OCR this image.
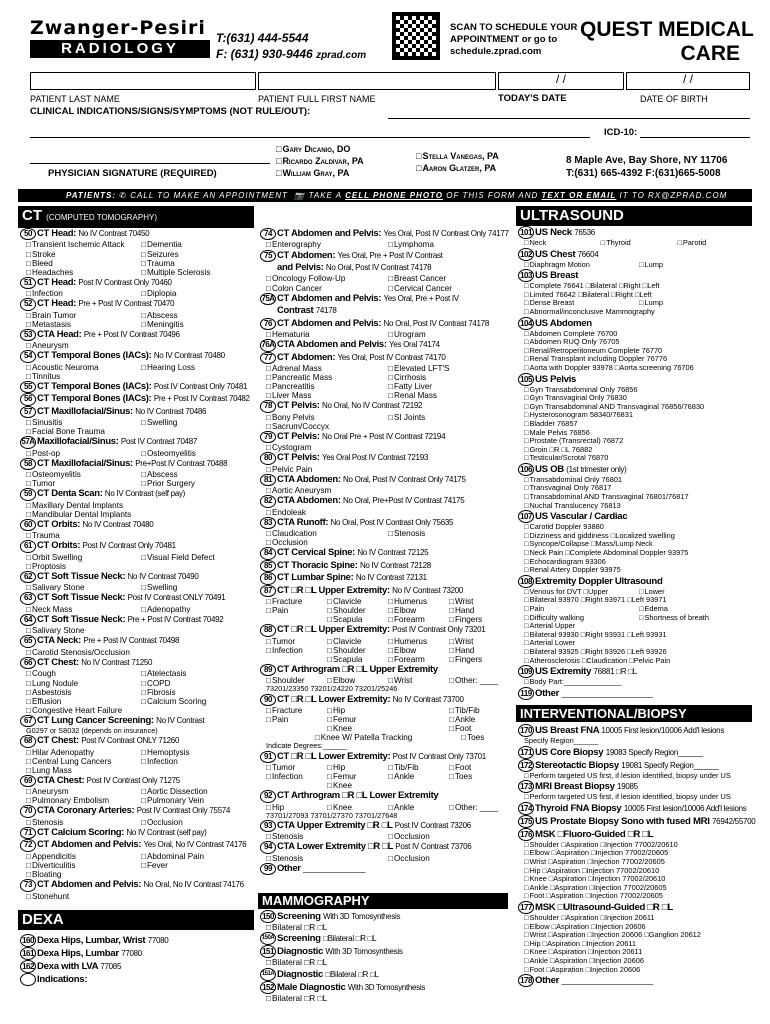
Zwanger-Pesiri
RADIOLOGY
T:(631) 444-5544
F: (631) 930-9446 zprad.com
SCAN TO SCHEDULE YOUR
APPOINTMENT or go to
schedule.zprad.com
QUEST MEDICAL
CARE
/ /	/ /
PATIENT LAST NAME	PATIENT FULL FIRST NAME	TODAY'S DATE	DATE OF BIRTH
CLINICAL INDICATIONS/SIGNS/SYMPTOMS (NOT RULE/OUT):
ICD-10:
PHYSICIAN SIGNATURE (REQUIRED)
□ Gary Dicanio, DO
□ Ricardo Zaldivar, PA
□ William Gray, PA
□ Stella Vanegas, PA
□ Aaron Glatzer, PA
8 Maple Ave, Bay Shore, NY 11706
T:(631) 665-4392 F:(631)665-5008
PATIENTS: ✆ CALL TO MAKE AN APPOINTMENT 📷 TAKE A CELL PHONE PHOTO OF THIS FORM AND TEXT OR EMAIL IT TO RX@ZPRAD.COM
CT (COMPUTED TOMOGRAPHY)	ULTRASOUND
DEXA
MAMMOGRAPHY
INTERVENTIONAL/BIOPSY
50 CT Head: No IV Contrast 70450
□ Transient Ischemic Attack	□ Dementia
□ Stroke	□ Seizures
□ Bleed	□ Trauma
□ Headaches	□ Multiple Sclerosis
51 CT Head: Post IV Contrast Only 70460
□ Infection	□ Diplopia
52 CT Head: Pre + Post IV Contrast 70470
□ Brain Tumor	□ Abscess
□ Metastasis	□ Meningitis
53 CTA Head: Pre + Post IV Contrast 70496
□ Aneurysm
54 CT Temporal Bones (IACs): No IV Contrast 70480
□ Acoustic Neuroma	□ Hearing Loss
□ Tinnitus
55 CT Temporal Bones (IACs): Post IV Contrast Only 70481
56 CT Temporal Bones (IACs): Pre + Post IV Contrast 70482
57 CT Maxillofacial/Sinus: No IV Contrast 70486
□ Sinusitis	□ Swelling
□ Facial Bone Trauma
57A Maxillofacial/Sinus: Post IV Contrast 70487
□ Post-op	□ Osteomyelitis
58 CT Maxillofacial/Sinus: Pre+Post IV Contrast 70488
□ Osteomyelitis	□ Abscess
□ Tumor	□ Prior Surgery
59 CT Denta Scan: No IV Contrast (self pay)
□ Maxillary Dental Implants
□ Mandibular Dental Implants
60 CT Orbits: No IV Contrast 70480
□ Trauma
61 CT Orbits: Post IV Contrast Only 70481
□ Orbit Swelling	□ Visual Field Defect
□ Proptosis
62 CT Soft Tissue Neck: No IV Contrast 70490
□ Salivary Stone	□ Swelling
63 CT Soft Tissue Neck: Post IV Contrast ONLY 70491
□ Neck Mass	□ Adenopathy
64 CT Soft Tissue Neck: Pre + Post IV Contrast 70492
□ Salivary Stone
65 CTA Neck: Pre + Post IV Contrast 70498
□ Carotid Stenosis/Occlusion
66 CT Chest: No IV Contrast 71250
□ Cough	□ Atelectasis
□ Lung Nodule	□ COPD
□ Asbestosis	□ Fibrosis
□ Effusion	□ Calcium Scoring
□ Congestive Heart Failure
67 CT Lung Cancer Screening: No IV Contrast
G0297 or S8032 (depends on insurance)
68 CT Chest: Post IV Contrast ONLY 71260
□ Hilar Adenopathy	□ Hemoptysis
□ Central Lung Cancers	□ Infection
□ Lung Mass
69 CTA Chest: Post IV Contrast Only 71275
□ Aneurysm	□ Aortic Dissection
□ Pulmonary Embolism	□ Pulmonary Vein
70 CTA Coronary Arteries: Post IV Contrast Only 75574
□ Stenosis	□ Occlusion
71 CT Calcium Scoring: No IV Contrast (self pay)
72 CT Abdomen and Pelvis: Yes Oral, No IV Contrast 74176
□ Appendicitis	□ Abdominal Pain
□ Diverticulitis	□ Fever
□ Bloating
73 CT Abdomen and Pelvis: No Oral, No IV Contrast 74176
□ Stonehunt
74 CT Abdomen and Pelvis: Yes Oral, Post IV Contrast Only 74177
□ Enterography	□ Lymphoma
75 CT Abdomen: Yes Oral, Pre + Post IV Contrast
and Pelvis: No Oral, Post IV Contrast 74178
□ Oncology Follow-Up	□ Breast Cancer
□ Colon Cancer	□ Cervical Cancer
75A CT Abdomen and Pelvis: Yes Oral, Pre + Post IV
Contrast 74178
76 CT Abdomen and Pelvis: No Oral, Post IV Contrast 74178
□ Hematuria	□ Urogram
76A CTA Abdomen and Pelvis: Yes Oral 74174
77 CT Abdomen: Yes Oral, Post IV Contrast 74170
□ Adrenal Mass	□ Elevated LFT'S
□ Pancreatic Mass	□ Cirrhosis
□ Pancreatitis	□ Fatty Liver
□ Liver Mass	□ Renal Mass
78 CT Pelvis: No Oral, No IV Contrast 72192
□ Bony Pelvis	□ SI Joints
□ Sacrum/Coccyx
79 CT Pelvis: No Oral Pre + Post IV Contrast 72194
□ Cystogram
80 CT Pelvis: Yes Oral Post IV Contrast 72193
□ Pelvic Pain
81 CTA Abdomen: No Oral, Post IV Contrast Only 74175
□ Aortic Aneurysm
82 CTA Abdomen: No Oral, Pre+Post IV Contrast 74175
□ Endoleak
83 CTA Runoff: No Oral, Post IV Contrast Only 75635
□ Claudication	□ Stenosis
□ Occlusion
84 CT Cervical Spine: No IV Contrast 72125
85 CT Thoracic Spine: No IV Contrast 72128
86 CT Lumbar Spine: No IV Contrast 72131
87 CT □R □L Upper Extremity: No IV Contrast 73200
□ Fracture	□ Clavicle	□ Humerus	□ Wrist
□ Pain	□ Shoulder	□ Elbow	□ Hand
□ Scapula	□ Forearm	□ Fingers
88 CT □R □L Upper Extremity: Post IV Contrast Only 73201
□ Tumor	□ Clavicle	□ Humerus	□ Wrist
□ Infection	□ Shoulder	□ Elbow	□ Hand
□ Scapula	□ Forearm	□ Fingers
89 CT Arthrogram □R □L Upper Extremity
□ Shoulder	□ Elbow	□ Wrist	□ Other: ____
73201/23350 73201/24220 73201/25246
90 CT □R □L Lower Extremity: No IV Contrast 73700
□ Fracture	□ Hip	□ Tib/Fib
□ Pain	□ Femur	□ Ankle
□ Knee	□ Foot
□ Knee W/ Patella Tracking	□ Toes
Indicate Degrees:______
91 CT □R □L Lower Extremity: Post IV Contrast Only 73701
□ Tumor	□ Hip	□ Tib/Fib	□ Foot
□ Infection	□ Femur	□ Ankle	□ Toes
□ Knee
92 CT Arthrogram □R □L Lower Extremity
□ Hip	□ Knee	□ Ankle	□ Other: ____
73701/27093 73701/27370 73701/27648
93 CTA Upper Extremity □R □L Post IV Contrast 73206
□ Stenosis	□ Occlusion
94 CTA Lower Extremity □R □L Post IV Contrast 73706
□ Stenosis	□ Occlusion
99 Other _______________
160 Dexa Hips, Lumbar, Wrist 77080
161 Dexa Hips, Lumbar 77080
162 Dexa with LVA 77085
Indications:
150 Screening With 3D Tomosynthesis
□ Bilateral □R □L
150A Screening □Bilateral □R □L
151 Diagnostic With 3D Tomosynthesis
□ Bilateral □R □L
151A Diagnostic □Bilateral □R □L
152 Male Diagnostic With 3D Tomosynthesis
□ Bilateral □R □L
101 US Neck 76536
□ Neck	□ Thyroid	□ Parotid
102 US Chest 76604
□ Diaphragm Motion	□ Lump
103 US Breast
□ Complete 76641 □Bilateral □Right □Left
□ Limited 76642 □Bilateral □Right □Left
□ Dense Breast	□ Lump
□ Abnormal/inconclusive Mammography
104 US Abdomen
□ Abdomen Complete 76700
□ Abdomen RUQ Only 76705
□ Renal/Retroperitoneum Complete 76770
□ Renal Transplant including Doppler 76776
□ Aorta with Doppler 93978 □Aorta screening 76706
105 US Pelvis
□ Gyn Transabdominal Only 76856
□ Gyn Transvaginal Only 76830
□ Gyn Transabdominal AND Transvaginal 76856/76830
□ Hysterosonogram 58340/76831
□ Bladder 76857
□ Male Pelvis 76856
□ Prostate (Transrectal) 76872
□ Groin □R □L 76882
□ Testicular/Scrotal 76870
106 US OB (1st trimester only)
□ Transabdominal Only 76801
□ Transvaginal Only 76817
□ Transabdominal AND Transvaginal 76801/76817
□ Nuchal Translucency 76813
107 US Vascular / Cardiac
□ Carotid Doppler 93880
□ Dizziness and giddiness □Localized swelling
□ Syncope/Collapse □Mass/Lump Neck
□ Neck Pain □Complete Abdominal Doppler 93975
□ Echocardiogram 93306
□ Renal Artery Doppler 93975
108 Extremity Doppler Ultrasound
□ Venous for DVT □Upper	□ Lower
□ Bilateral 93970 □Right 93971 □Left 93971
□ Pain	□ Edema
□ Difficulty walking	□ Shortness of breath
□ Arterial Upper
□ Bilateral 93930 □Right 93931 □Left 93931
□ Arterial Lower
□ Bilateral 93925 □Right 93926 □Left 93926
□ Atherosclerosis □Claudication □Pelvic Pain
109 US Extremity 76881 □R □L
□ Body Part:______________
119 Other ______________________
170 US Breast FNA 10005 First lesion/10006 Add'l lesions
Specify Region______
171 US Core Biopsy 19083 Specify Region______
172 Stereotactic Biopsy 19081 Specify Region______
□ Perform targeted US first, if lesion identified, biopsy under US
173 MRI Breast Biopsy 19085
□ Perform targeted US first, if lesion identified, biopsy under US
174 Thyroid FNA Biopsy 10005 First lesion/10006 Add'l lesions
175 US Prostate Biopsy Sono with fused MRI 76942/55700
176 MSK □Fluoro-Guided □R □L
□ Shoulder □Aspiration □Injection 77002/20610
□ Elbow □Aspiration □Injection 77002/20605
□ Wrist □Aspiration □Injection 77002/20605
□ Hip □Aspiration □Injection 77002/20610
□ Knee □Aspiration □Injection 77002/20610
□ Ankle □Aspiration □Injection 77002/20605
□ Foot □Aspiration □Injection 77002/20605
177 MSK □Ultrasound-Guided □R □L
□ Shoulder □Aspiration □Injection 20611
□ Elbow □Aspiration □Injection 20606
□ Wrist □Aspiration □Injection 20606 □Ganglion 20612
□ Hip □Aspiration □Injection 20611
□ Knee □Aspiration □Injection 20611
□ Ankle □Aspiration □Injection 20606
□ Foot □Aspiration □Injection 20606
178 Other ______________________
